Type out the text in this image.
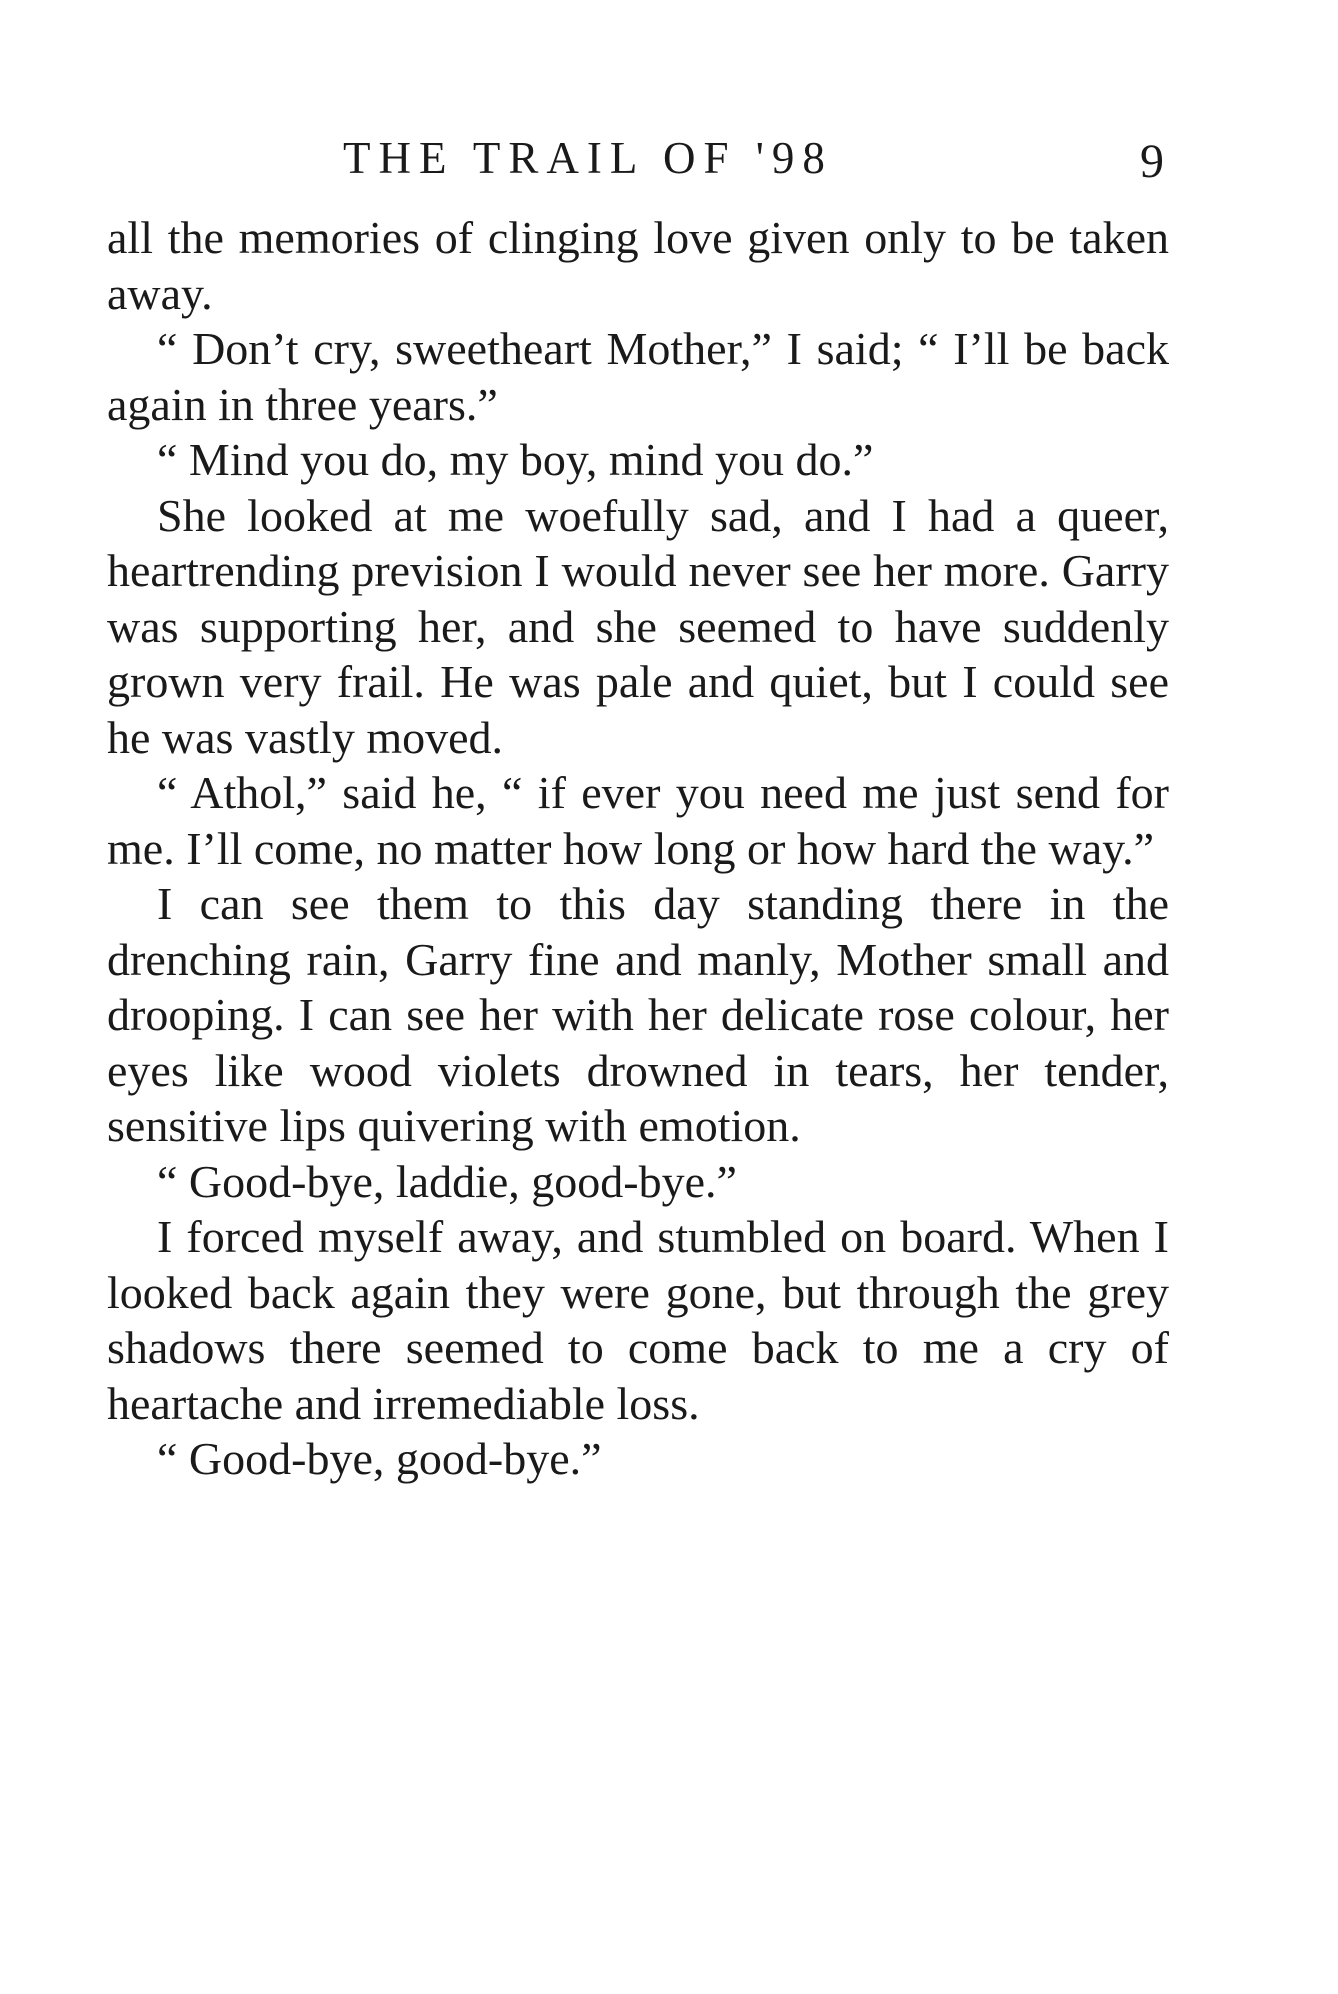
THE TRAIL OF '98	9

all the memories of clinging love given only to be taken away.

“ Don’t cry, sweetheart Mother,” I said; “ I’ll be back again in three years.”

“ Mind you do, my boy, mind you do.”

She looked at me woefully sad, and I had a queer, heartrending prevision I would never see her more. Garry was supporting her, and she seemed to have suddenly grown very frail. He was pale and quiet, but I could see he was vastly moved.

“ Athol,” said he, “ if ever you need me just send for me. I’ll come, no matter how long or how hard the way.”

I can see them to this day standing there in the drenching rain, Garry fine and manly, Mother small and drooping. I can see her with her delicate rose colour, her eyes like wood violets drowned in tears, her tender, sensitive lips quivering with emotion.

“ Good-bye, laddie, good-bye.”

I forced myself away, and stumbled on board. When I looked back again they were gone, but through the grey shadows there seemed to come back to me a cry of heartache and irremediable loss.

“ Good-bye, good-bye.”
